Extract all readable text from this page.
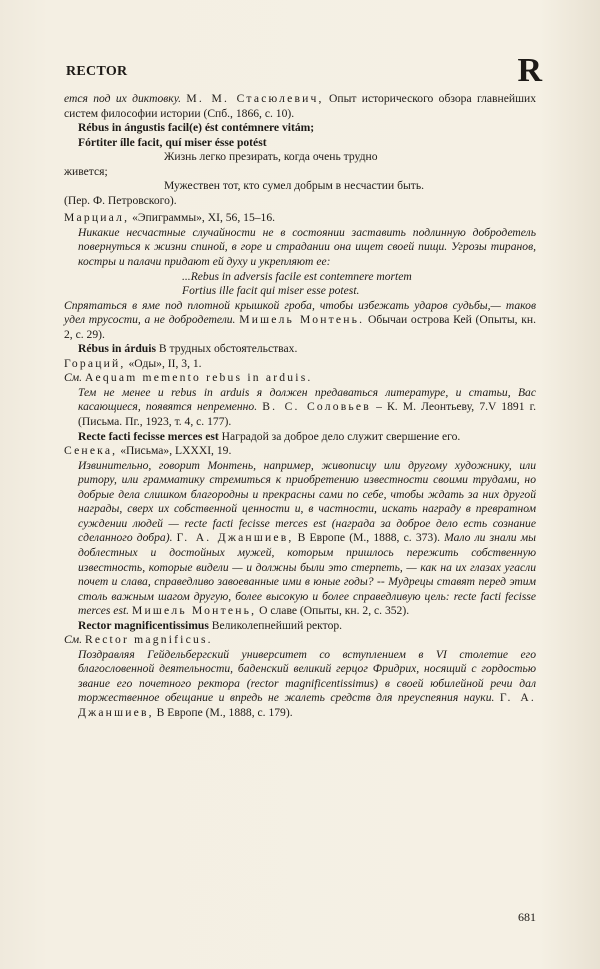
RECTOR	R

ется под их диктовку. М. М. Стасюлевич, Опыт исторического обзора главнейших систем философии истории (Спб., 1866, с. 10).

Rébus in ángustis facil(e) ést contémnere vitám;

Fórtiter ílle facit, quí miser ésse potést

Жизнь легко презирать, когда очень трудно

живется;

Мужествен тот, кто сумел добрым в несчастии быть.

(Пер. Ф. Петровского).

Марциал, «Эпиграммы», XI, 56, 15–16.

Никакие несчастные случайности не в состоянии заставить подлинную добродетель повернуться к жизни спиной, в горе и страдании она ищет своей пищи. Угрозы тиранов, костры и палачи придают ей духу и укрепляют ее:

...Rebus in adversis facile est contemnere mortem

Fortius ille facit qui miser esse potest.

Спрятаться в яме под плотной крышкой гроба, чтобы избежать ударов судьбы,— таков удел трусости, а не добродетели. Мишель Монтень. Обычаи острова Кей (Опыты, кн. 2, с. 29).

Rébus in árduis В трудных обстоятельствах.

Гораций, «Оды», II, 3, 1.

См. Aequam memento rebus in arduis.

Тем не менее и rebus in arduis я должен предаваться литературе, и статьи, Вас касающиеся, появятся непременно. В. С. Соловьев – К. М. Леонтьеву, 7.V 1891 г. (Письма. Пг., 1923, т. 4, с. 177).

Recte facti fecisse merces est Наградой за доброе дело служит свершение его.

Сенека, «Письма», LXXXI, 19.

Извинительно, говорит Монтень, например, живописцу или другому художнику, или ритору, или грамматику стремиться к приобретению известности своими трудами, но добрые дела слишком благородны и прекрасны сами по себе, чтобы ждать за них другой награды, сверх их собственной ценности и, в частности, искать награду в превратном суждении людей — recte facti fecisse merces est (награда за доброе дело есть сознание сделанного добра). Г. А. Джаншиев, В Европе (М., 1888, с. 373). Мало ли знали мы доблестных и достойных мужей, которым пришлось пережить собственную известность, которые видели — и должны были это стерпеть, — как на их глазах угасли почет и слава, справедливо завоеванные ими в юные годы? -- Мудрецы ставят перед этим столь важным шагом другую, более высокую и более справедливую цель: recte facti fecisse merces est. Мишель Монтень, О славе (Опыты, кн. 2, с. 352).

Rector magnificentissimus Великолепнейший ректор.

См. Rector magnificus.

Поздравляя Гейдельбергский университет со вступлением в VI столетие его благословенной деятельности, баденский великий герцог Фридрих, носящий с гордостью звание его почетного ректора (rector magnificentissimus) в своей юбилейной речи дал торжественное обещание и впредь не жалеть средств для преуспеяния науки. Г. А. Джаншиев, В Европе (М., 1888, с. 179).

681
